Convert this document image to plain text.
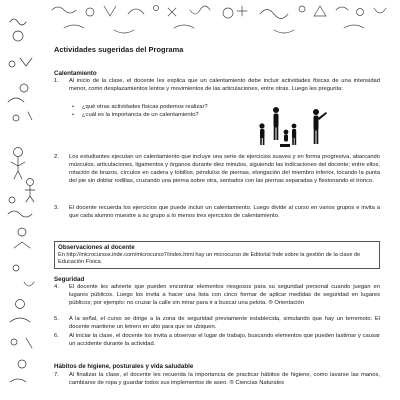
Actividades sugeridas del Programa
Calentamiento
1.	Al inicio de la clase, el docente les explica que un calentamiento debe incluir actividades físicas de una intensidad menor, como desplazamientos lentos y movimientos de las articulaciones, entre otras. Luego les pregunta:
• ¿qué otras actividades físicas podemos realizar?
• ¿cuál es la importancia de un calentamiento?
2.	Los estudiantes ejecutan un calentamiento que incluye una serie de ejercicios suaves y en forma progresiva, abarcando músculos, articulaciones, ligamentos y órganos durante diez minutos, siguiendo las indicaciones del docente; entre ellos, rotación de brazos, círculos en cadera y tobillos, péndulos de piernas, elongación del miembro inferior, tocando la punta del pie sin doblar rodillas, cruzando una pierna sobre otra, sentados con las piernas separadas y flexionando el tronco.
3.	El docente recuerda los ejercicios que puede incluir un calentamiento. Luego divide al curso en varios grupos e invita a que cada alumno muestre a su grupo a lo menos tres ejercicios de calentamiento.
Observaciones al docente
En http://microcursos.inde.com/microcurso7/index.html hay un microcurso de Editorial Inde sobre la gestión de la clase de Educación Física.
Seguridad
4.	El docente les advierte que pueden encontrar elementos riesgosos para su seguridad personal cuando juegan en lugares públicos. Luego los invita a hacer una lista con cinco formar de aplicar medidas de seguridad en lugares públicos; por ejemplo: no cruzar la calle sin mirar para ir a buscar una pelota. ® Orientación
5.	A la señal, el curso se dirige a la zona de seguridad previamente establecida, simulando que hay un terremoto. El docente mantiene un letrero en alto para que se ubiquen.
6.	Al iniciar la clase, el docente los invita a observar el lugar de trabajo, buscando elementos que pueden lastimar y causar un accidente durante la actividad.
Hábitos de higiene, posturales y vida saludable
7.	Al finalizar la clase, el docente les recuerda la importancia de practicar hábitos de higiene, como lavarse las manos, cambiarse de ropa y guardar todos sus implementos de aseo. ® Ciencias Naturales
